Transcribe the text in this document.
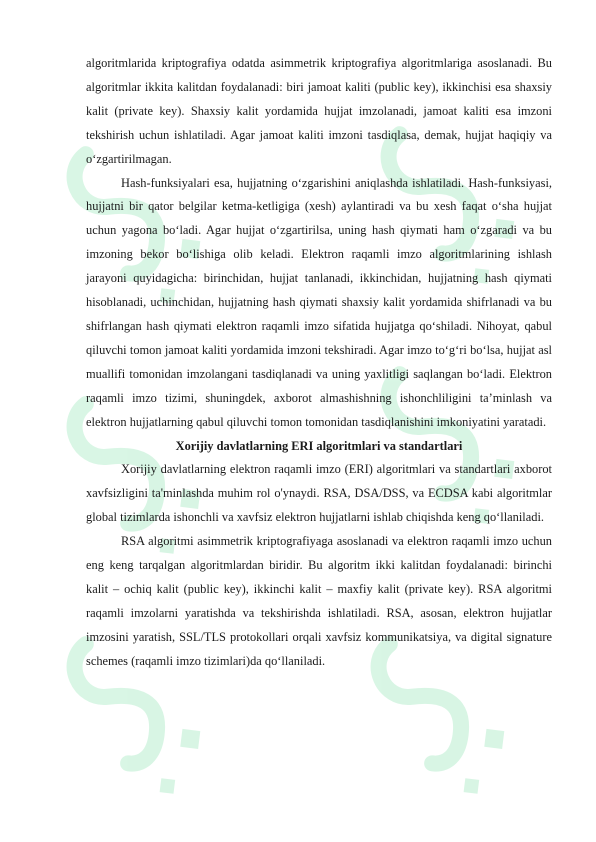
algoritmlarida kriptografiya odatda asimmetrik kriptografiya algoritmlariga asoslanadi. Bu algoritmlar ikkita kalitdan foydalanadi: biri jamoat kaliti (public key), ikkinchisi esa shaxsiy kalit (private key). Shaxsiy kalit yordamida hujjat imzolanadi, jamoat kaliti esa imzoni tekshirish uchun ishlatiladi. Agar jamoat kaliti imzoni tasdiqlasa, demak, hujjat haqiqiy va o‘zgartirilmagan.

Hash-funksiyalari esa, hujjatning o‘zgarishini aniqlashda ishlatiladi. Hash-funksiyasi, hujjatni bir qator belgilar ketma-ketligiga (xesh) aylantiradi va bu xesh faqat o‘sha hujjat uchun yagona bo‘ladi. Agar hujjat o‘zgartirilsa, uning hash qiymati ham o‘zgaradi va bu imzoning bekor bo‘lishiga olib keladi. Elektron raqamli imzo algoritmlarining ishlash jarayoni quyidagicha: birinchidan, hujjat tanlanadi, ikkinchidan, hujjatning hash qiymati hisoblanadi, uchinchidan, hujjatning hash qiymati shaxsiy kalit yordamida shifrlanadi va bu shifrlangan hash qiymati elektron raqamli imzo sifatida hujjatga qo‘shiladi. Nihoyat, qabul qiluvchi tomon jamoat kaliti yordamida imzoni tekshiradi. Agar imzo to‘g‘ri bo‘lsa, hujjat asl muallifi tomonidan imzolangani tasdiqlanadi va uning yaxlitligi saqlangan bo‘ladi. Elektron raqamli imzo tizimi, shuningdek, axborot almashishning ishonchliligini ta’minlash va elektron hujjatlarning qabul qiluvchi tomon tomonidan tasdiqlanishini imkoniyatini yaratadi.

Xorijiy davlatlarning ERI algoritmlari va standartlari

Xorijiy davlatlarning elektron raqamli imzo (ERI) algoritmlari va standartlari axborot xavfsizligini ta'minlashda muhim rol o'ynaydi. RSA, DSA/DSS, va ECDSA kabi algoritmlar global tizimlarda ishonchli va xavfsiz elektron hujjatlarni ishlab chiqishda keng qo‘llaniladi.

RSA algoritmi asimmetrik kriptografiyaga asoslanadi va elektron raqamli imzo uchun eng keng tarqalgan algoritmlardan biridir. Bu algoritm ikki kalitdan foydalanadi: birinchi kalit – ochiq kalit (public key), ikkinchi kalit – maxfiy kalit (private key). RSA algoritmi raqamli imzolarni yaratishda va tekshirishda ishlatiladi. RSA, asosan, elektron hujjatlar imzosini yaratish, SSL/TLS protokollari orqali xavfsiz kommunikatsiya, va digital signature schemes (raqamli imzo tizimlari)da qo‘llaniladi.
